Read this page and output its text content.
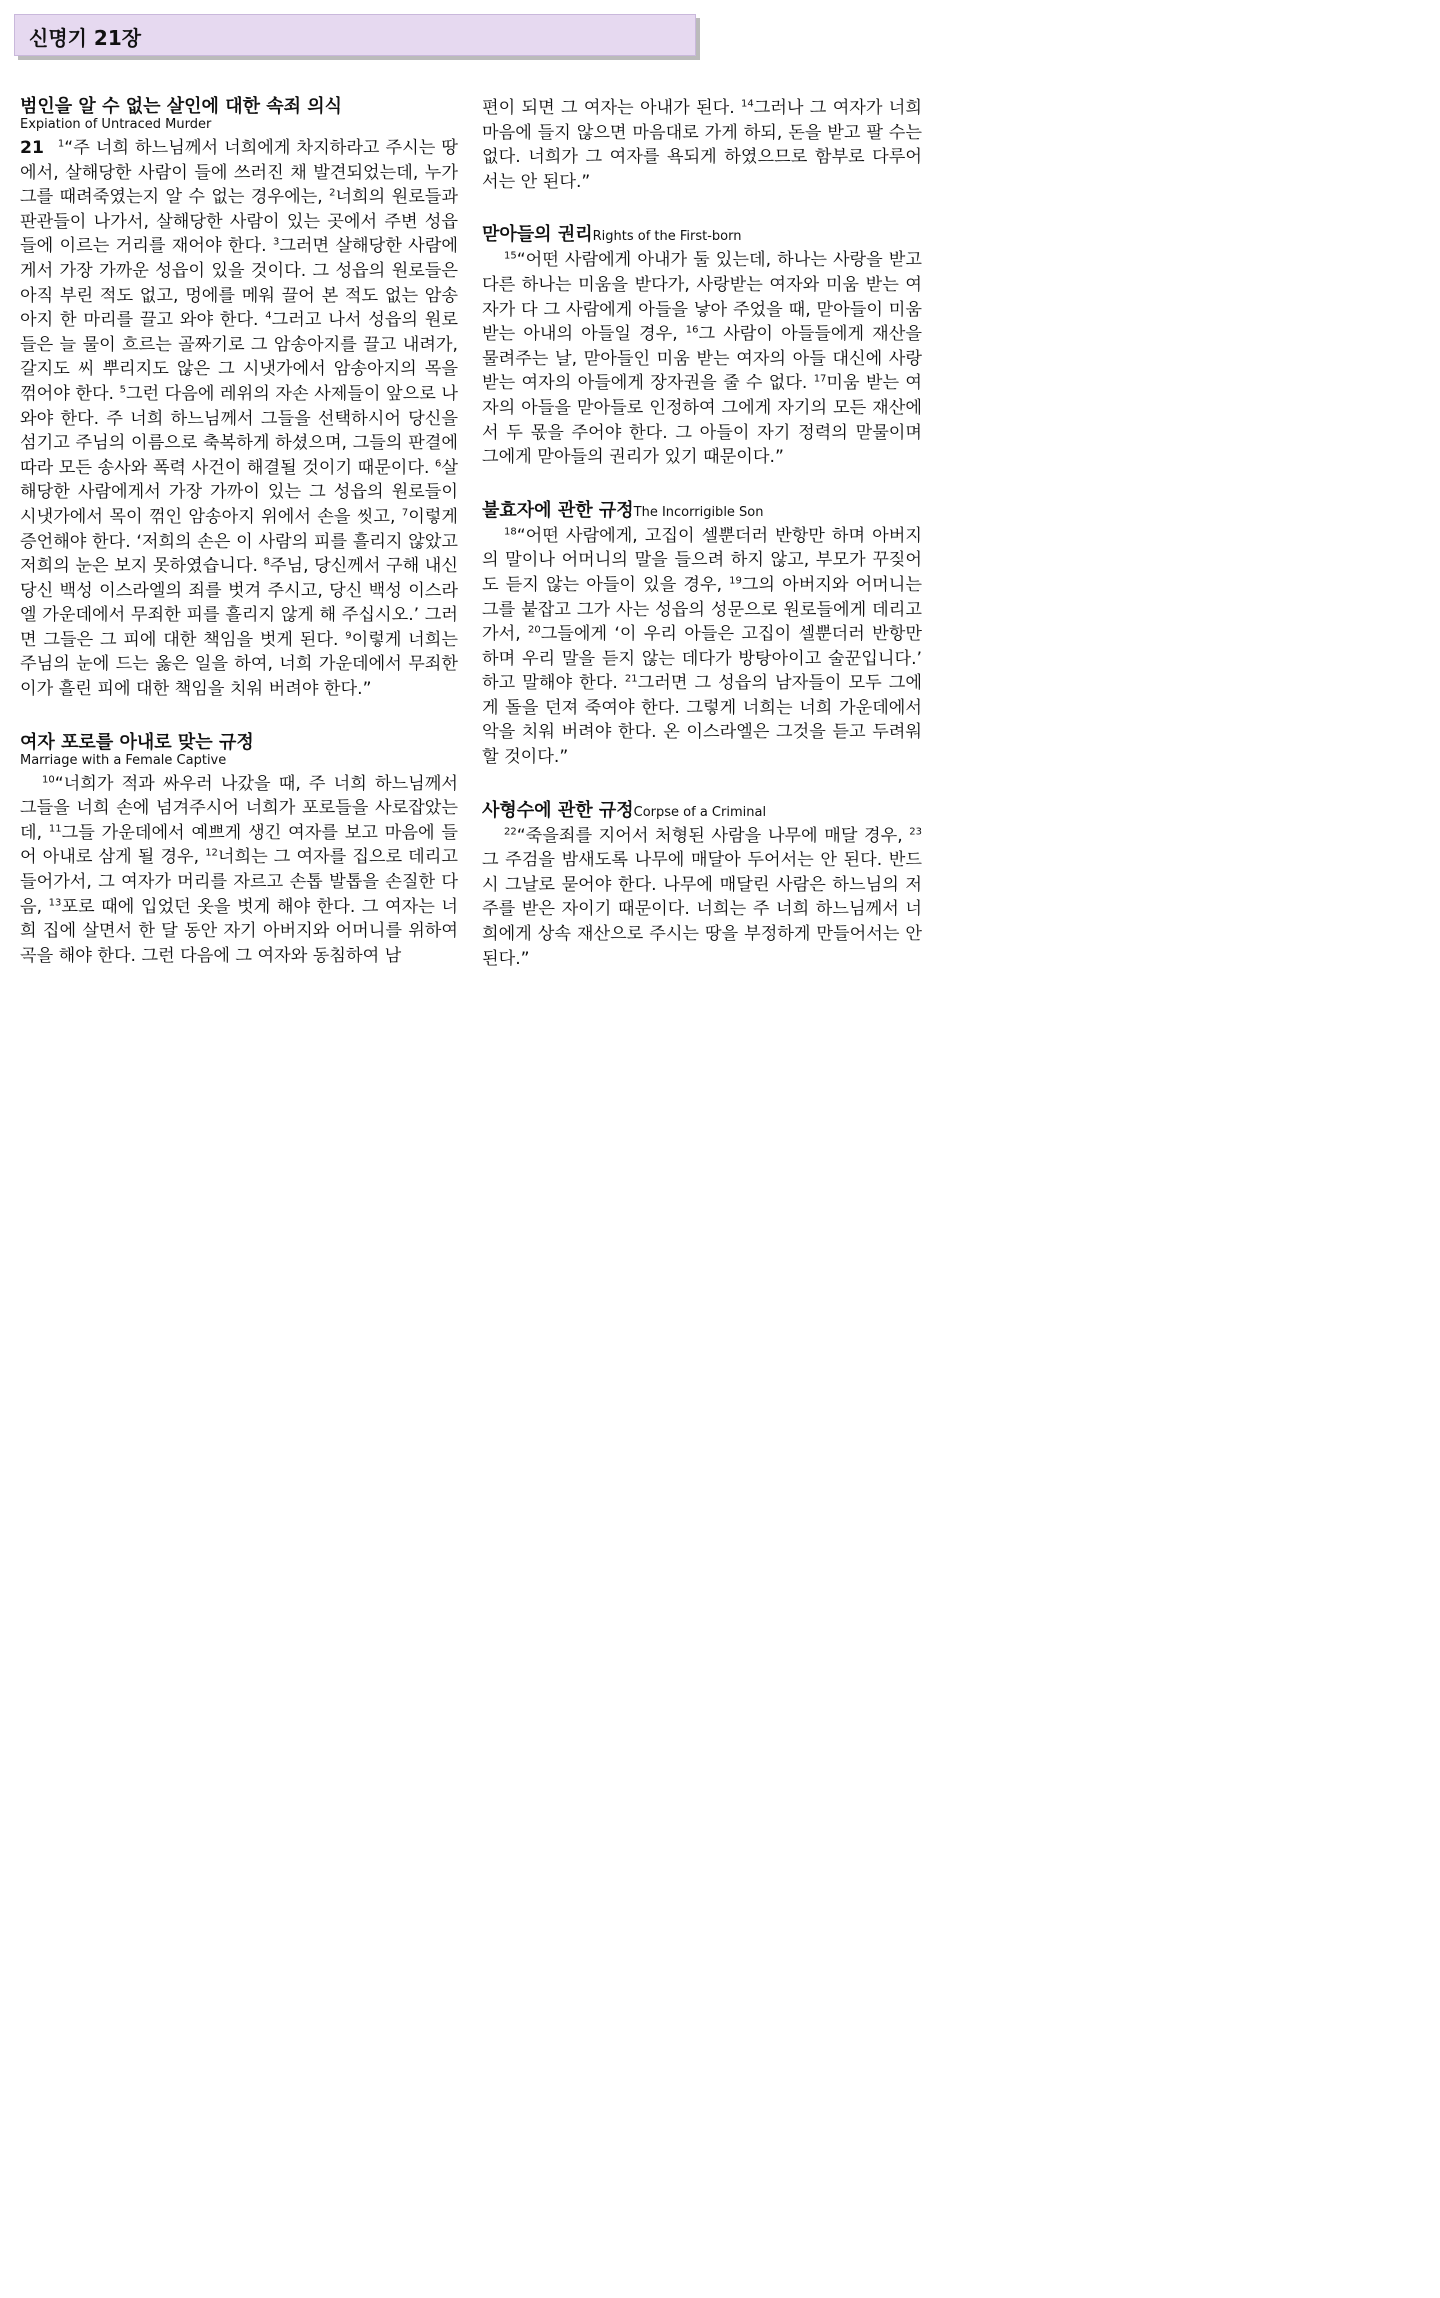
신명기 21장

범인을 알 수 없는 살인에 대한 속죄 의식

Expiation of Untraced Murder

21 $^1$“주 너희 하느님께서 너희에게 차지하라고 주시는 땅에서, 살해당한 사람이 들에 쓰러진 채 발견되었는데, 누가 그를 때려죽였는지 알 수 없는 경우에는, $^2$너희의 원로들과 판관들이 나가서, 살해당한 사람이 있는 곳에서 주변 성읍들에 이르는 거리를 재어야 한다. $^3$그러면 살해당한 사람에게서 가장 가까운 성읍이 있을 것이다. 그 성읍의 원로들은 아직 부린 적도 없고, 멍에를 메워 끌어 본 적도 없는 암송아지 한 마리를 끌고 와야 한다. $^4$그러고 나서 성읍의 원로들은 늘 물이 흐르는 골짜기로 그 암송아지를 끌고 내려가, 갈지도 씨 뿌리지도 않은 그 시냇가에서 암송아지의 목을 꺾어야 한다. $^5$그런 다음에 레위의 자손 사제들이 앞으로 나와야 한다. 주 너희 하느님께서 그들을 선택하시어 당신을 섬기고 주님의 이름으로 축복하게 하셨으며, 그들의 판결에 따라 모든 송사와 폭력 사건이 해결될 것이기 때문이다. $^6$살해당한 사람에게서 가장 가까이 있는 그 성읍의 원로들이 시냇가에서 목이 꺾인 암송아지 위에서 손을 씻고, $^7$이렇게 증언해야 한다. ‘저희의 손은 이 사람의 피를 흘리지 않았고 저희의 눈은 보지 못하였습니다. $^8$주님, 당신께서 구해 내신 당신 백성 이스라엘의 죄를 벗겨 주시고, 당신 백성 이스라엘 가운데에서 무죄한 피를 흘리지 않게 해 주십시오.’ 그러면 그들은 그 피에 대한 책임을 벗게 된다. $^9$이렇게 너희는 주님의 눈에 드는 옳은 일을 하여, 너희 가운데에서 무죄한 이가 흘린 피에 대한 책임을 치워 버려야 한다.”

여자 포로를 아내로 맞는 규정

Marriage with a Female Captive

$^{10}$“너희가 적과 싸우러 나갔을 때, 주 너희 하느님께서 그들을 너희 손에 넘겨주시어 너희가 포로들을 사로잡았는데, $^{11}$그들 가운데에서 예쁘게 생긴 여자를 보고 마음에 들어 아내로 삼게 될 경우, $^{12}$너희는 그 여자를 집으로 데리고 들어가서, 그 여자가 머리를 자르고 손톱 발톱을 손질한 다음, $^{13}$포로 때에 입었던 옷을 벗게 해야 한다. 그 여자는 너희 집에 살면서 한 달 동안 자기 아버지와 어머니를 위하여 곡을 해야 한다. 그런 다음에 그 여자와 동침하여 남

편이 되면 그 여자는 아내가 된다. $^{14}$그러나 그 여자가 너희 마음에 들지 않으면 마음대로 가게 하되, 돈을 받고 팔 수는 없다. 너희가 그 여자를 욕되게 하였으므로 함부로 다루어서는 안 된다.”

맏아들의 권리Rights of the First-born

$^{15}$“어떤 사람에게 아내가 둘 있는데, 하나는 사랑을 받고 다른 하나는 미움을 받다가, 사랑받는 여자와 미움 받는 여자가 다 그 사람에게 아들을 낳아 주었을 때, 맏아들이 미움 받는 아내의 아들일 경우, $^{16}$그 사람이 아들들에게 재산을 물려주는 날, 맏아들인 미움 받는 여자의 아들 대신에 사랑받는 여자의 아들에게 장자권을 줄 수 없다. $^{17}$미움 받는 여자의 아들을 맏아들로 인정하여 그에게 자기의 모든 재산에서 두 몫을 주어야 한다. 그 아들이 자기 정력의 맏물이며 그에게 맏아들의 권리가 있기 때문이다.”

불효자에 관한 규정The Incorrigible Son

$^{18}$“어떤 사람에게, 고집이 셀뿐더러 반항만 하며 아버지의 말이나 어머니의 말을 들으려 하지 않고, 부모가 꾸짖어도 듣지 않는 아들이 있을 경우, $^{19}$그의 아버지와 어머니는 그를 붙잡고 그가 사는 성읍의 성문으로 원로들에게 데리고 가서, $^{20}$그들에게 ‘이 우리 아들은 고집이 셀뿐더러 반항만 하며 우리 말을 듣지 않는 데다가 방탕아이고 술꾼입니다.’ 하고 말해야 한다. $^{21}$그러면 그 성읍의 남자들이 모두 그에게 돌을 던져 죽여야 한다. 그렇게 너희는 너희 가운데에서 악을 치워 버려야 한다. 온 이스라엘은 그것을 듣고 두려워할 것이다.”

사형수에 관한 규정Corpse of a Criminal

$^{22}$“죽을죄를 지어서 처형된 사람을 나무에 매달 경우, $^{23}$그 주검을 밤새도록 나무에 매달아 두어서는 안 된다. 반드시 그날로 묻어야 한다. 나무에 매달린 사람은 하느님의 저주를 받은 자이기 때문이다. 너희는 주 너희 하느님께서 너희에게 상속 재산으로 주시는 땅을 부정하게 만들어서는 안 된다.”
